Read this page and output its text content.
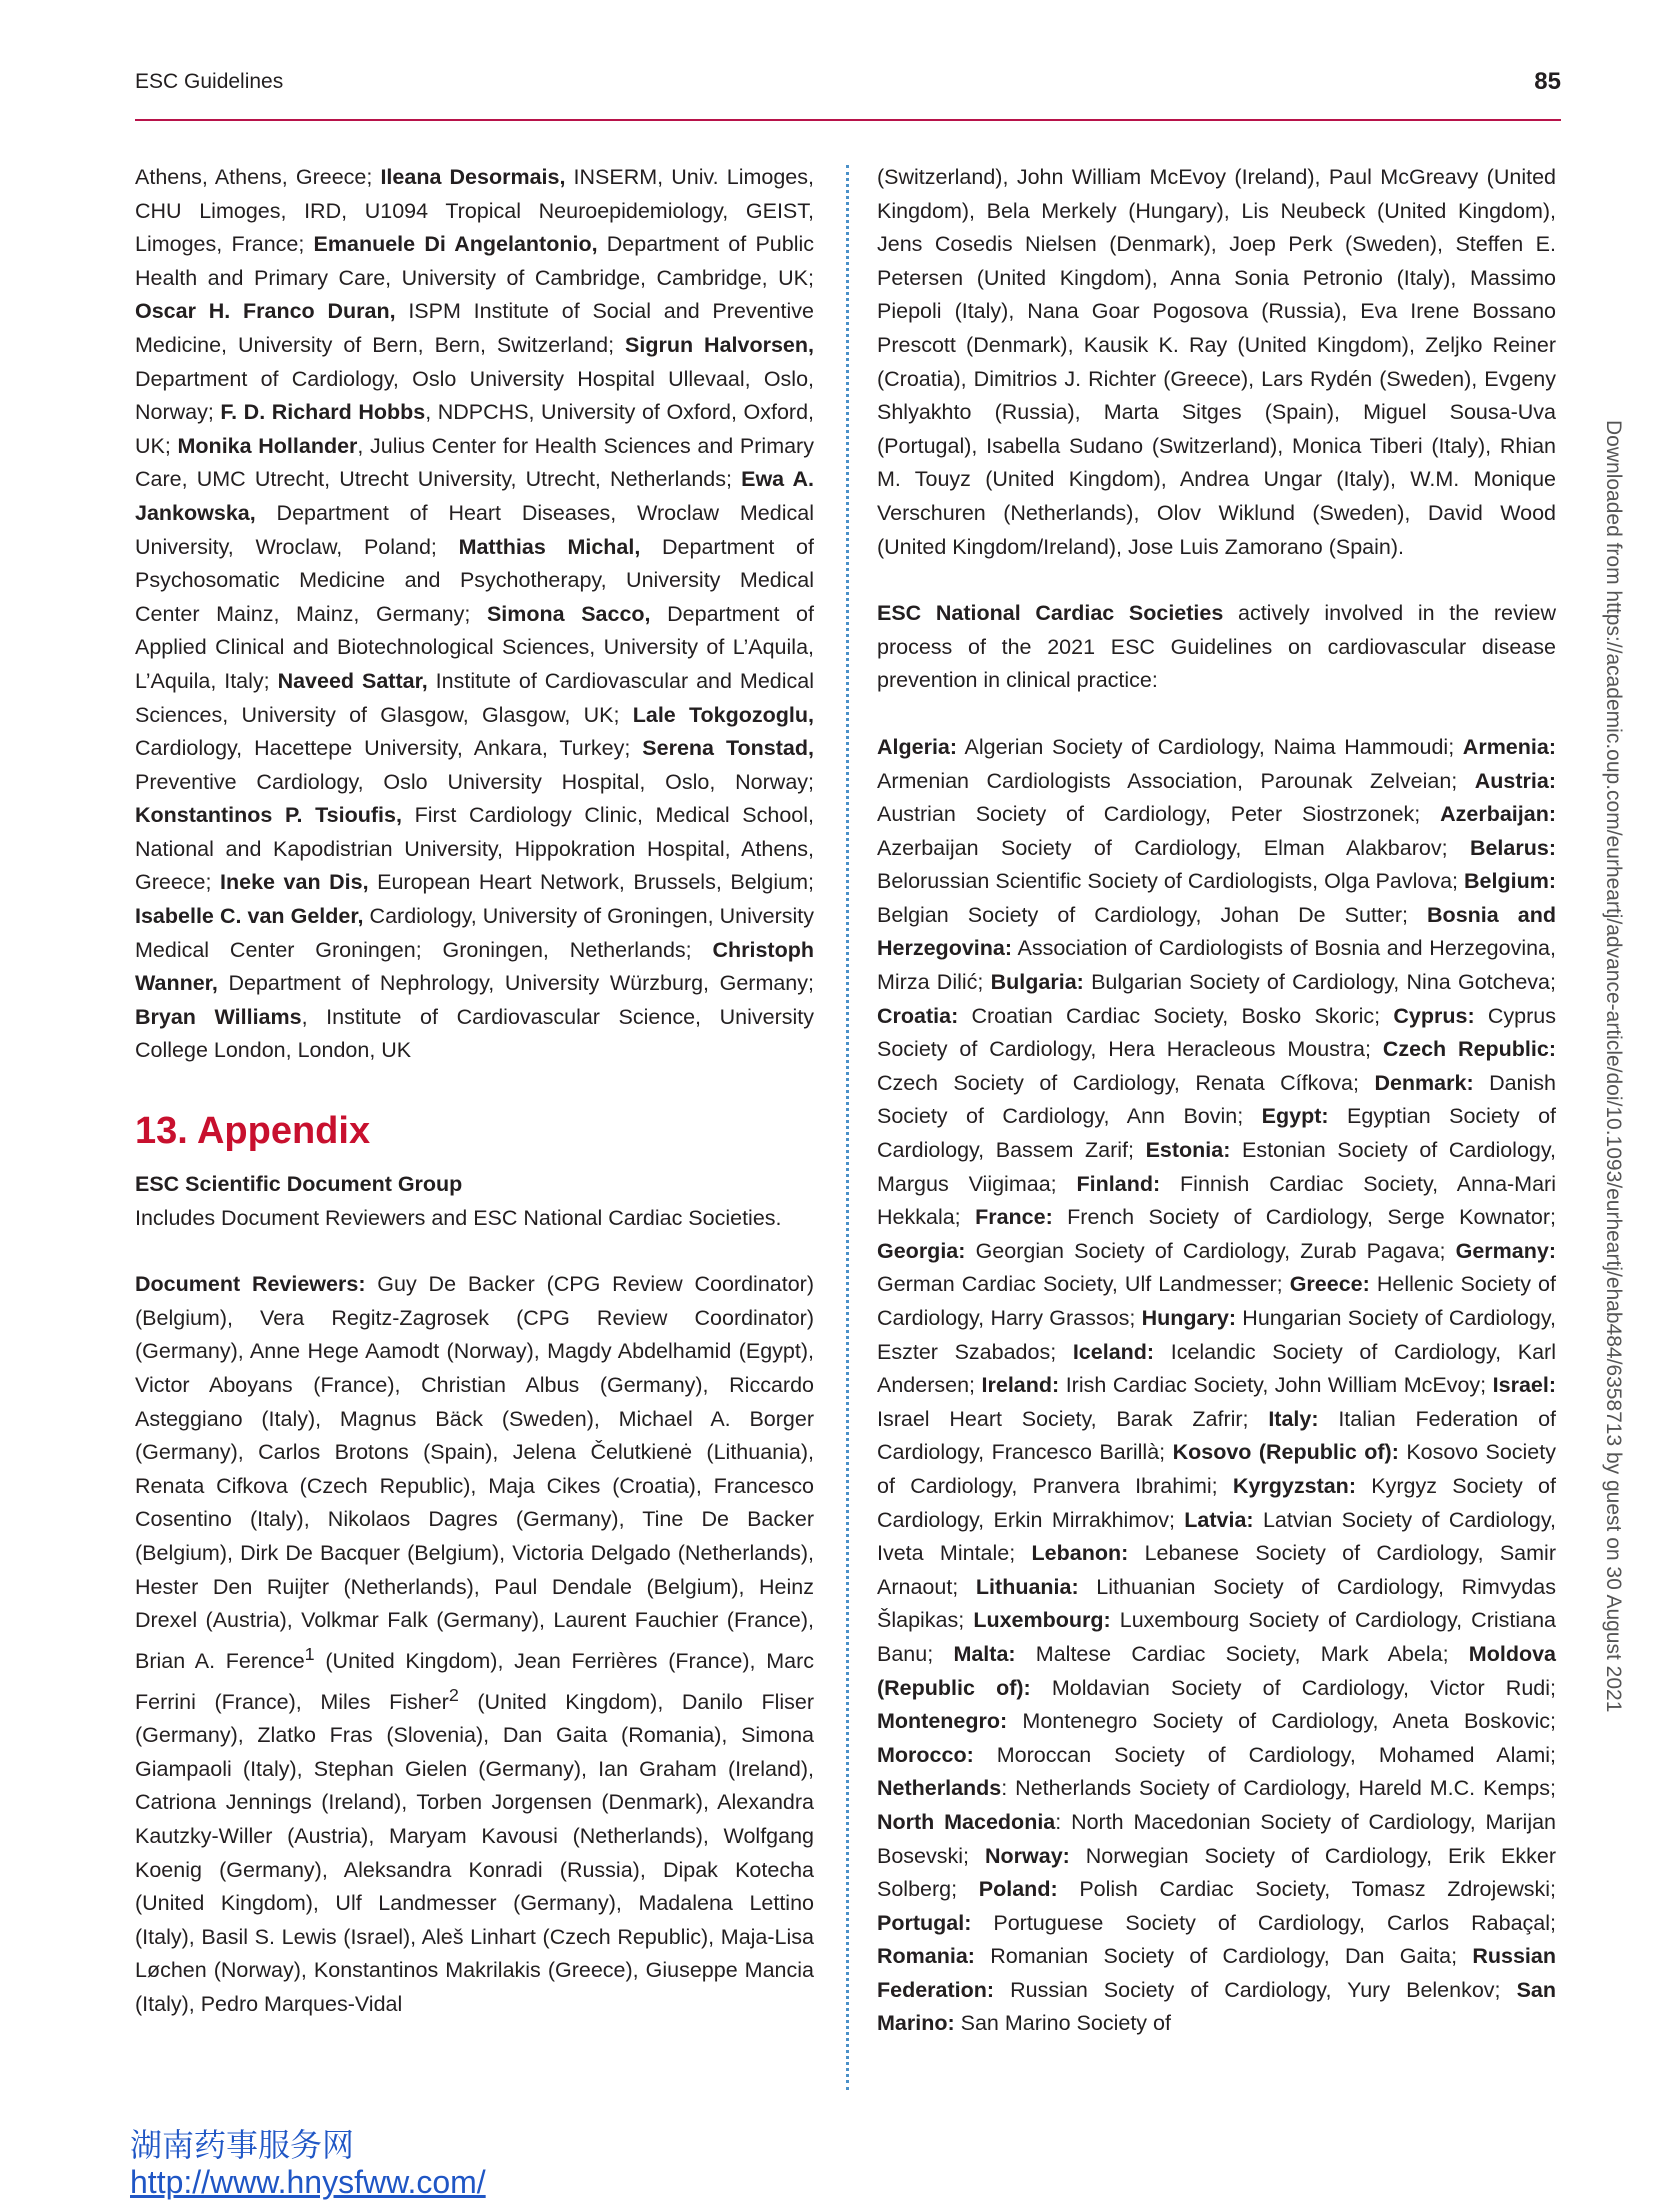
ESC Guidelines	85

Athens, Athens, Greece; Ileana Desormais, INSERM, Univ. Limoges, CHU Limoges, IRD, U1094 Tropical Neuroepidemiology, GEIST, Limoges, France; Emanuele Di Angelantonio, Department of Public Health and Primary Care, University of Cambridge, Cambridge, UK; Oscar H. Franco Duran, ISPM Institute of Social and Preventive Medicine, University of Bern, Bern, Switzerland; Sigrun Halvorsen, Department of Cardiology, Oslo University Hospital Ullevaal, Oslo, Norway; F. D. Richard Hobbs, NDPCHS, University of Oxford, Oxford, UK; Monika Hollander, Julius Center for Health Sciences and Primary Care, UMC Utrecht, Utrecht University, Utrecht, Netherlands; Ewa A. Jankowska, Department of Heart Diseases, Wroclaw Medical University, Wroclaw, Poland; Matthias Michal, Department of Psychosomatic Medicine and Psychotherapy, University Medical Center Mainz, Mainz, Germany; Simona Sacco, Department of Applied Clinical and Biotechnological Sciences, University of L’Aquila, L’Aquila, Italy; Naveed Sattar, Institute of Cardiovascular and Medical Sciences, University of Glasgow, Glasgow, UK; Lale Tokgozoglu, Cardiology, Hacettepe University, Ankara, Turkey; Serena Tonstad, Preventive Cardiology, Oslo University Hospital, Oslo, Norway; Konstantinos P. Tsioufis, First Cardiology Clinic, Medical School, National and Kapodistrian University, Hippokration Hospital, Athens, Greece; Ineke van Dis, European Heart Network, Brussels, Belgium; Isabelle C. van Gelder, Cardiology, University of Groningen, University Medical Center Groningen; Groningen, Netherlands; Christoph Wanner, Department of Nephrology, University Würzburg, Germany; Bryan Williams, Institute of Cardiovascular Science, University College London, London, UK

13. Appendix

ESC Scientific Document Group

Includes Document Reviewers and ESC National Cardiac Societies.

Document Reviewers: Guy De Backer (CPG Review Coordinator) (Belgium), Vera Regitz-Zagrosek (CPG Review Coordinator) (Germany), Anne Hege Aamodt (Norway), Magdy Abdelhamid (Egypt), Victor Aboyans (France), Christian Albus (Germany), Riccardo Asteggiano (Italy), Magnus Bäck (Sweden), Michael A. Borger (Germany), Carlos Brotons (Spain), Jelena Čelutkienė (Lithuania), Renata Cifkova (Czech Republic), Maja Cikes (Croatia), Francesco Cosentino (Italy), Nikolaos Dagres (Germany), Tine De Backer (Belgium), Dirk De Bacquer (Belgium), Victoria Delgado (Netherlands), Hester Den Ruijter (Netherlands), Paul Dendale (Belgium), Heinz Drexel (Austria), Volkmar Falk (Germany), Laurent Fauchier (France), Brian A. Ference$^1$ (United Kingdom), Jean Ferrières (France), Marc Ferrini (France), Miles Fisher$^2$ (United Kingdom), Danilo Fliser (Germany), Zlatko Fras (Slovenia), Dan Gaita (Romania), Simona Giampaoli (Italy), Stephan Gielen (Germany), Ian Graham (Ireland), Catriona Jennings (Ireland), Torben Jorgensen (Denmark), Alexandra Kautzky-Willer (Austria), Maryam Kavousi (Netherlands), Wolfgang Koenig (Germany), Aleksandra Konradi (Russia), Dipak Kotecha (United Kingdom), Ulf Landmesser (Germany), Madalena Lettino (Italy), Basil S. Lewis (Israel), Aleš Linhart (Czech Republic), Maja-Lisa Løchen (Norway), Konstantinos Makrilakis (Greece), Giuseppe Mancia (Italy), Pedro Marques-Vidal

(Switzerland), John William McEvoy (Ireland), Paul McGreavy (United Kingdom), Bela Merkely (Hungary), Lis Neubeck (United Kingdom), Jens Cosedis Nielsen (Denmark), Joep Perk (Sweden), Steffen E. Petersen (United Kingdom), Anna Sonia Petronio (Italy), Massimo Piepoli (Italy), Nana Goar Pogosova (Russia), Eva Irene Bossano Prescott (Denmark), Kausik K. Ray (United Kingdom), Zeljko Reiner (Croatia), Dimitrios J. Richter (Greece), Lars Rydén (Sweden), Evgeny Shlyakhto (Russia), Marta Sitges (Spain), Miguel Sousa-Uva (Portugal), Isabella Sudano (Switzerland), Monica Tiberi (Italy), Rhian M. Touyz (United Kingdom), Andrea Ungar (Italy), W.M. Monique Verschuren (Netherlands), Olov Wiklund (Sweden), David Wood (United Kingdom/Ireland), Jose Luis Zamorano (Spain).

ESC National Cardiac Societies actively involved in the review process of the 2021 ESC Guidelines on cardiovascular disease prevention in clinical practice:

Algeria: Algerian Society of Cardiology, Naima Hammoudi; Armenia: Armenian Cardiologists Association, Parounak Zelveian; Austria: Austrian Society of Cardiology, Peter Siostrzonek; Azerbaijan: Azerbaijan Society of Cardiology, Elman Alakbarov; Belarus: Belorussian Scientific Society of Cardiologists, Olga Pavlova; Belgium: Belgian Society of Cardiology, Johan De Sutter; Bosnia and Herzegovina: Association of Cardiologists of Bosnia and Herzegovina, Mirza Dilić; Bulgaria: Bulgarian Society of Cardiology, Nina Gotcheva; Croatia: Croatian Cardiac Society, Bosko Skoric; Cyprus: Cyprus Society of Cardiology, Hera Heracleous Moustra; Czech Republic: Czech Society of Cardiology, Renata Cífkova; Denmark: Danish Society of Cardiology, Ann Bovin; Egypt: Egyptian Society of Cardiology, Bassem Zarif; Estonia: Estonian Society of Cardiology, Margus Viigimaa; Finland: Finnish Cardiac Society, Anna-Mari Hekkala; France: French Society of Cardiology, Serge Kownator; Georgia: Georgian Society of Cardiology, Zurab Pagava; Germany: German Cardiac Society, Ulf Landmesser; Greece: Hellenic Society of Cardiology, Harry Grassos; Hungary: Hungarian Society of Cardiology, Eszter Szabados; Iceland: Icelandic Society of Cardiology, Karl Andersen; Ireland: Irish Cardiac Society, John William McEvoy; Israel: Israel Heart Society, Barak Zafrir; Italy: Italian Federation of Cardiology, Francesco Barillà; Kosovo (Republic of): Kosovo Society of Cardiology, Pranvera Ibrahimi; Kyrgyzstan: Kyrgyz Society of Cardiology, Erkin Mirrakhimov; Latvia: Latvian Society of Cardiology, Iveta Mintale; Lebanon: Lebanese Society of Cardiology, Samir Arnaout; Lithuania: Lithuanian Society of Cardiology, Rimvydas Šlapikas; Luxembourg: Luxembourg Society of Cardiology, Cristiana Banu; Malta: Maltese Cardiac Society, Mark Abela; Moldova (Republic of): Moldavian Society of Cardiology, Victor Rudi; Montenegro: Montenegro Society of Cardiology, Aneta Boskovic; Morocco: Moroccan Society of Cardiology, Mohamed Alami; Netherlands: Netherlands Society of Cardiology, Hareld M.C. Kemps; North Macedonia: North Macedonian Society of Cardiology, Marijan Bosevski; Norway: Norwegian Society of Cardiology, Erik Ekker Solberg; Poland: Polish Cardiac Society, Tomasz Zdrojewski; Portugal: Portuguese Society of Cardiology, Carlos Rabaçal; Romania: Romanian Society of Cardiology, Dan Gaita; Russian Federation: Russian Society of Cardiology, Yury Belenkov; San Marino: San Marino Society of

Downloaded from https://academic.oup.com/eurheartj/advance-article/doi/10.1093/eurheartj/ehab484/6358713 by guest on 30 August 2021
湖南药事服务网
http://www.hnysfww.com/
